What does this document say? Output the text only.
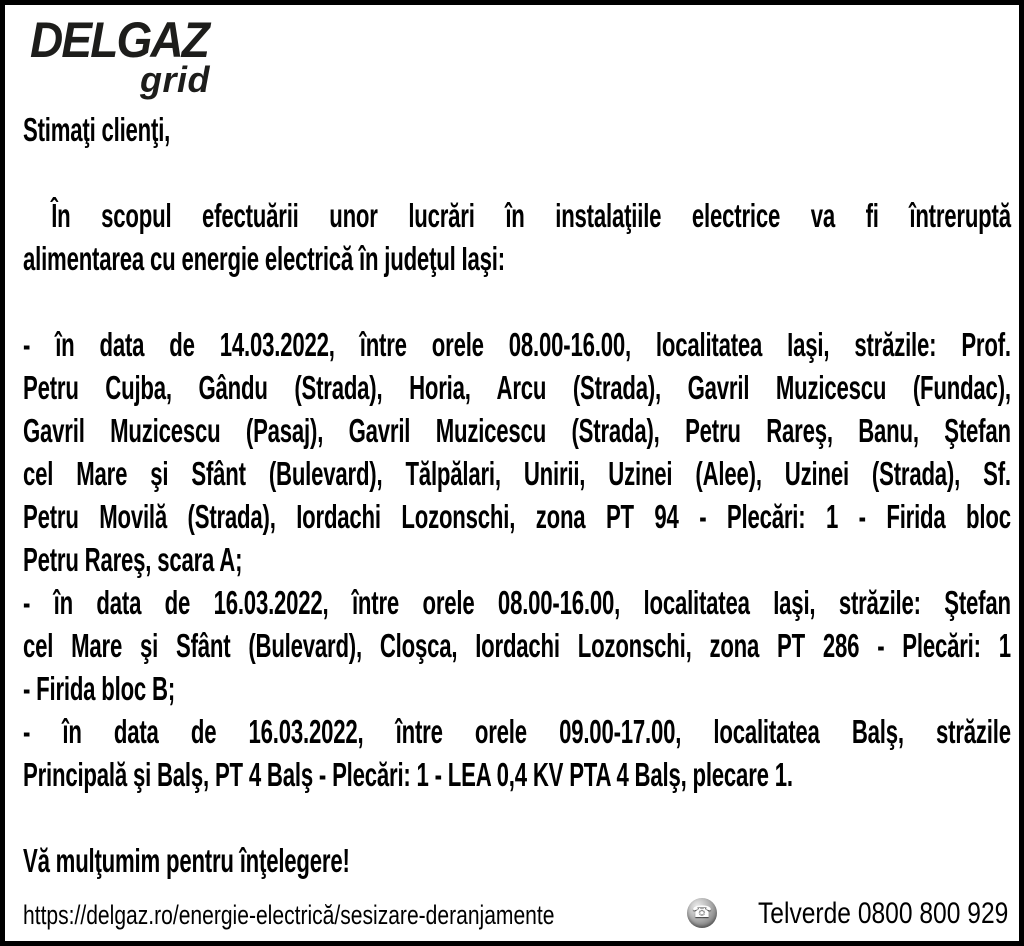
DELGAZ
grid
Stimaţi clienţi,
În scopul efectuării unor lucrări în instalaţiile electrice va fi întreruptă
alimentarea cu energie electrică în judeţul Iaşi:
- în data de 14.03.2022, între orele 08.00-16.00, localitatea Iaşi, străzile: Prof.
Petru Cujba, Gându (Strada), Horia, Arcu (Strada), Gavril Muzicescu (Fundac),
Gavril Muzicescu (Pasaj), Gavril Muzicescu (Strada), Petru Rareş, Banu, Ştefan
cel Mare şi Sfânt (Bulevard), Tălpălari, Unirii, Uzinei (Alee), Uzinei (Strada), Sf.
Petru Movilă (Strada), Iordachi Lozonschi, zona PT 94 - Plecări: 1 - Firida bloc
Petru Rareş, scara A;
- în data de 16.03.2022, între orele 08.00-16.00, localitatea Iaşi, străzile: Ştefan
cel Mare şi Sfânt (Bulevard), Cloşca, Iordachi Lozonschi, zona PT 286 - Plecări: 1
- Firida bloc B;
- în data de 16.03.2022, între orele 09.00-17.00, localitatea Balş, străzile
Principală şi Balş, PT 4 Balş - Plecări: 1 - LEA 0,4 KV PTA 4 Balş, plecare 1.
Vă mulţumim pentru înţelegere!
https://delgaz.ro/energie-electrică/sesizare-deranjamente	☎ Telverde 0800 800 929
